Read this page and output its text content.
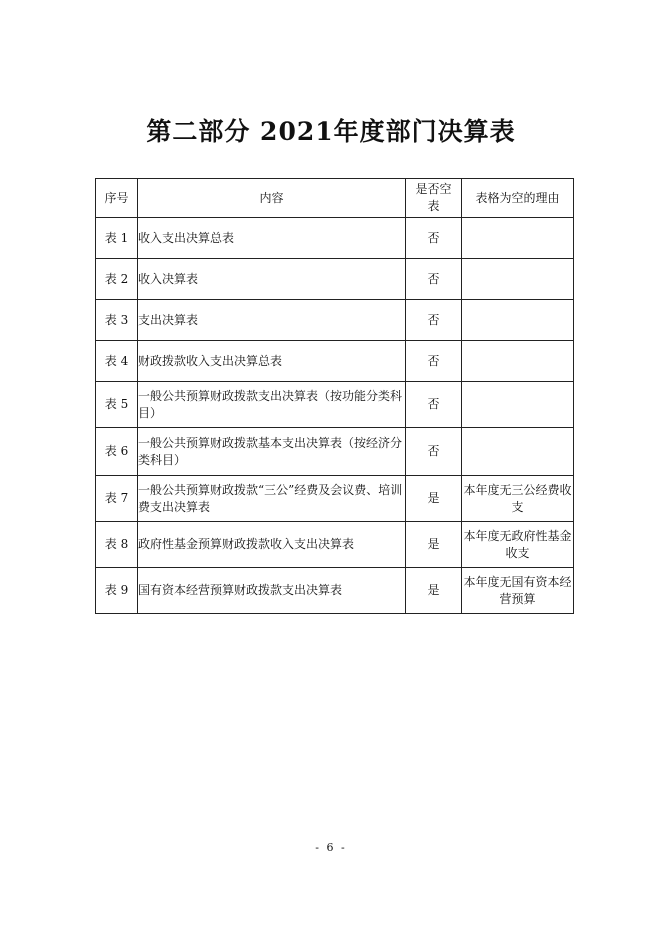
第二部分 2021年度部门决算表
序号	内容	是否空表	表格为空的理由
表 1	收入支出决算总表	否	
表 2	收入决算表	否	
表 3	支出决算表	否	
表 4	财政拨款收入支出决算总表	否	
表 5	一般公共预算财政拨款支出决算表（按功能分类科目）	否	
表 6	一般公共预算财政拨款基本支出决算表（按经济分类科目）	否	
表 7	一般公共预算财政拨款“三公”经费及会议费、培训费支出决算表	是	本年度无三公经费收支
表 8	政府性基金预算财政拨款收入支出决算表	是	本年度无政府性基金收支
表 9	国有资本经营预算财政拨款支出决算表	是	本年度无国有资本经营预算
- 6 -
